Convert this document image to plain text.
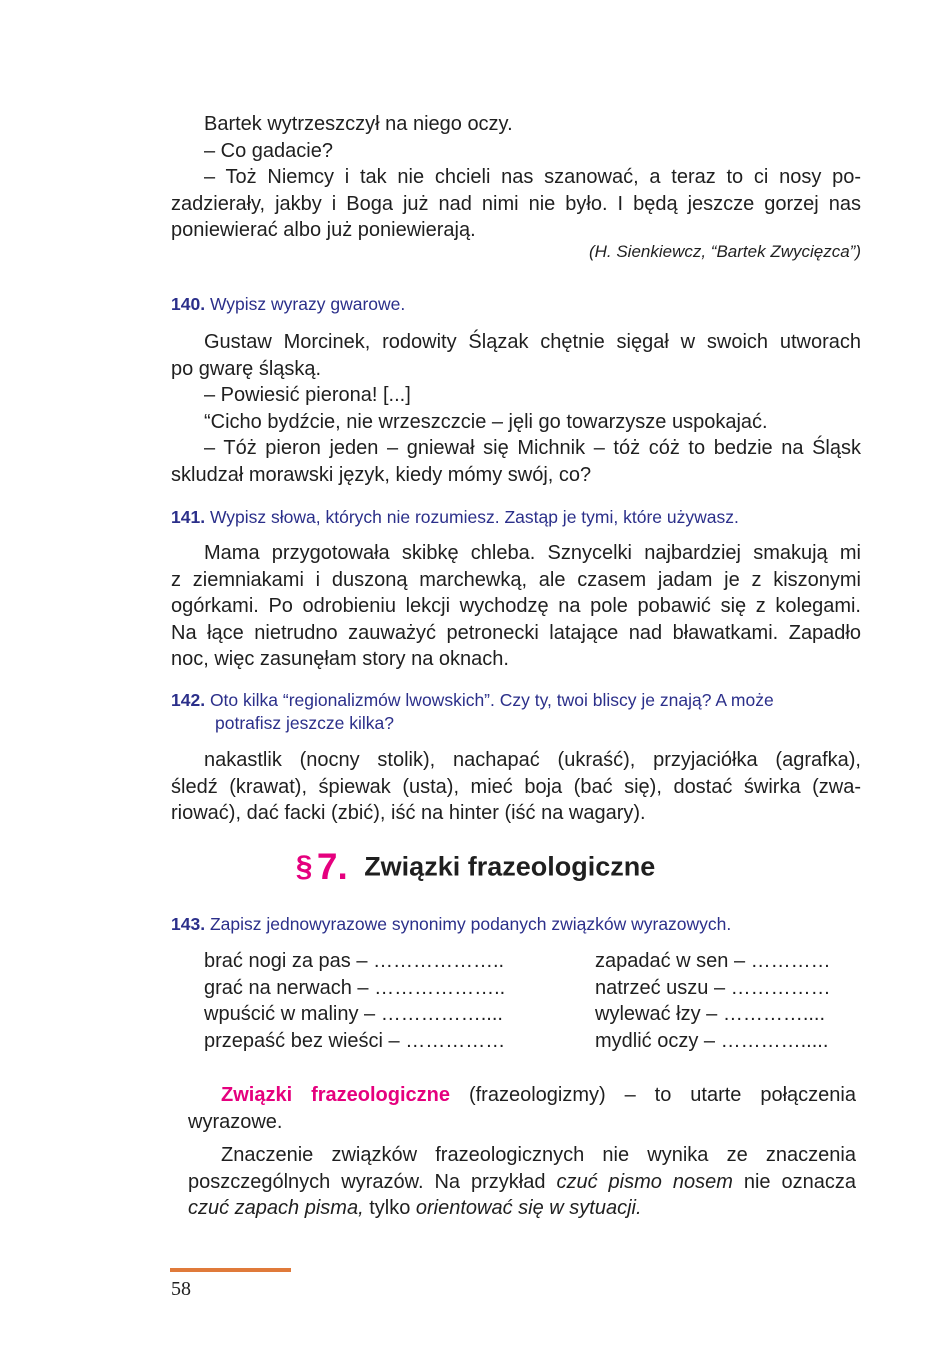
Bartek wytrzeszczył na niego oczy.

– Co gadacie?

– Toż Niemcy i tak nie chcieli nas szanować, a teraz to ci nosy po-

zadzierały, jakby i Boga już nad nimi nie było. I będą jeszcze gorzej nas

poniewierać albo już poniewierają.

(H. Sienkiewcz, “Bartek Zwycięzca”)
140. Wypisz wyrazy gwarowe.

Gustaw Morcinek, rodowity Ślązak chętnie sięgał w swoich utworach

po gwarę śląską.

– Powiesić pierona! [...]

“Cicho bydźcie, nie wrzeszczcie – jęli go towarzysze uspokajać.

– Tóż pieron jeden – gniewał się Michnik – tóż cóż to bedzie na Śląsk

skludzał morawski język, kiedy mómy swój, co?

141. Wypisz słowa, których nie rozumiesz. Zastąp je tymi, które używasz.

Mama przygotowała skibkę chleba. Sznycelki najbardziej smakują mi

z ziemniakami i duszoną marchewką, ale czasem jadam je z kiszonymi

ogórkami. Po odrobieniu lekcji wychodzę na pole pobawić się z kolegami.

Na łące nietrudno zauważyć petronecki latające nad bławatkami. Zapadło

noc, więc zasunęłam story na oknach.

142. Oto kilka “regionalizmów lwowskich”. Czy ty, twoi bliscy je znają? A może
potrafisz jeszcze kilka?

nakastlik (nocny stolik), nachapać (ukraść), przyjaciółka (agrafka),

śledź (krawat), śpiewak (usta), mieć boja (bać się), dostać świrka (zwa-

riować), dać facki (zbić), iść na hinter (iść na wagary).

§ 7. Związki frazeologiczne
143. Zapisz jednowyrazowe synonimy podanych związków wyrazowych.
brać nogi za pas – ………………..
grać na nerwach – ………………..
wpuścić w maliny – ……………....
przepaść bez wieści – ……………
zapadać w sen – …………
natrzeć uszu – ……………
wylewać łzy – …………....
mydlić oczy – ………….....

Związki frazeologiczne (frazeologizmy) – to utarte połączenia wyrazowe.

Znaczenie związków frazeologicznych nie wynika ze znaczenia poszczególnych wyrazów. Na przykład czuć pismo nosem nie oznacza czuć zapach pisma, tylko orientować się w sytuacji.

58
